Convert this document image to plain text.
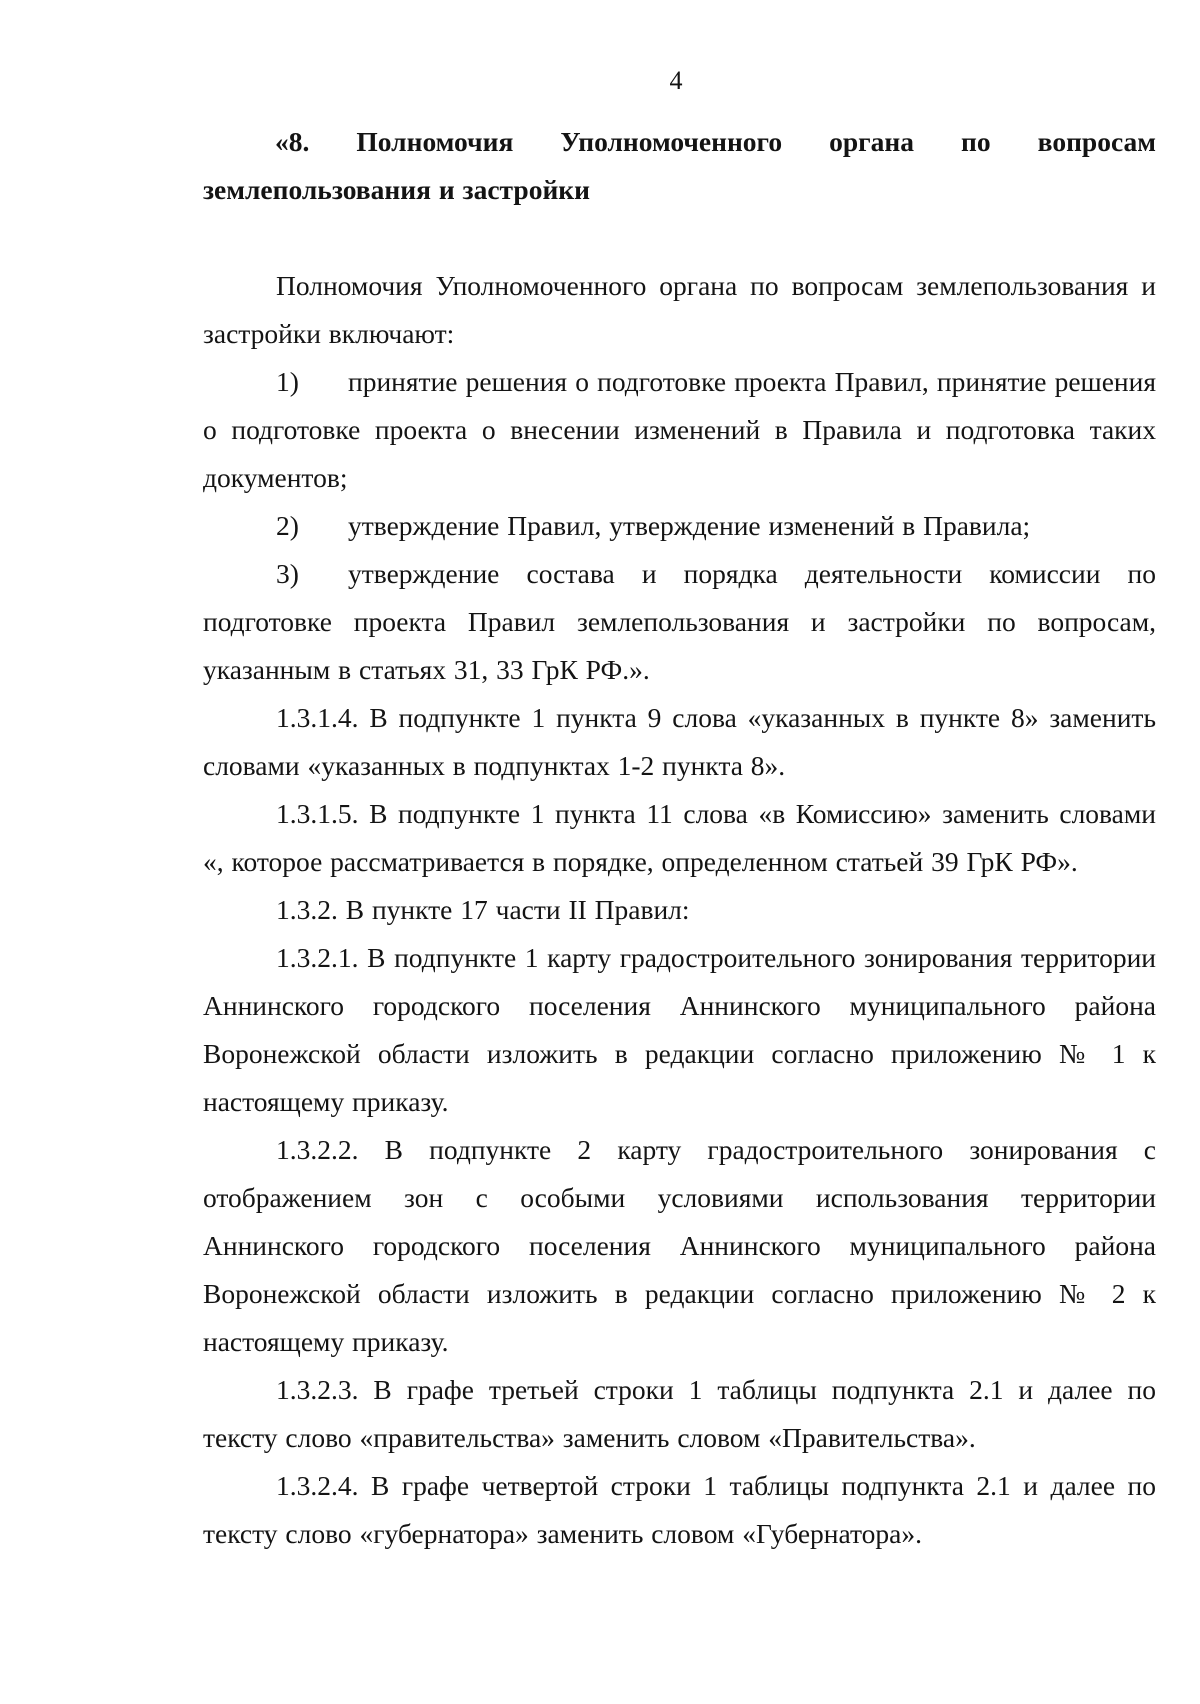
4
«8. Полномочия Уполномоченного органа по вопросам
землепользования и застройки

Полномочия Уполномоченного органа по вопросам землепользования и застройки включают:

1) принятие решения о подготовке проекта Правил, принятие решения о подготовке проекта о внесении изменений в Правила и подготовка таких документов;

2) утверждение Правил, утверждение изменений в Правила;

3) утверждение состава и порядка деятельности комиссии по подготовке проекта Правил землепользования и застройки по вопросам, указанным в статьях 31, 33 ГрК РФ.».

1.3.1.4. В подпункте 1 пункта 9 слова «указанных в пункте 8» заменить словами «указанных в подпунктах 1-2 пункта 8».

1.3.1.5. В подпункте 1 пункта 11 слова «в Комиссию» заменить словами «, которое рассматривается в порядке, определенном статьей 39 ГрК РФ».

1.3.2. В пункте 17 части II Правил:

1.3.2.1. В подпункте 1 карту градостроительного зонирования территории Аннинского городского поселения Аннинского муниципального района Воронежской области изложить в редакции согласно приложению № 1 к настоящему приказу.

1.3.2.2. В подпункте 2 карту градостроительного зонирования с отображением зон с особыми условиями использования территории Аннинского городского поселения Аннинского муниципального района Воронежской области изложить в редакции согласно приложению № 2 к настоящему приказу.

1.3.2.3. В графе третьей строки 1 таблицы подпункта 2.1 и далее по тексту слово «правительства» заменить словом «Правительства».

1.3.2.4. В графе четвертой строки 1 таблицы подпункта 2.1 и далее по тексту слово «губернатора» заменить словом «Губернатора».
